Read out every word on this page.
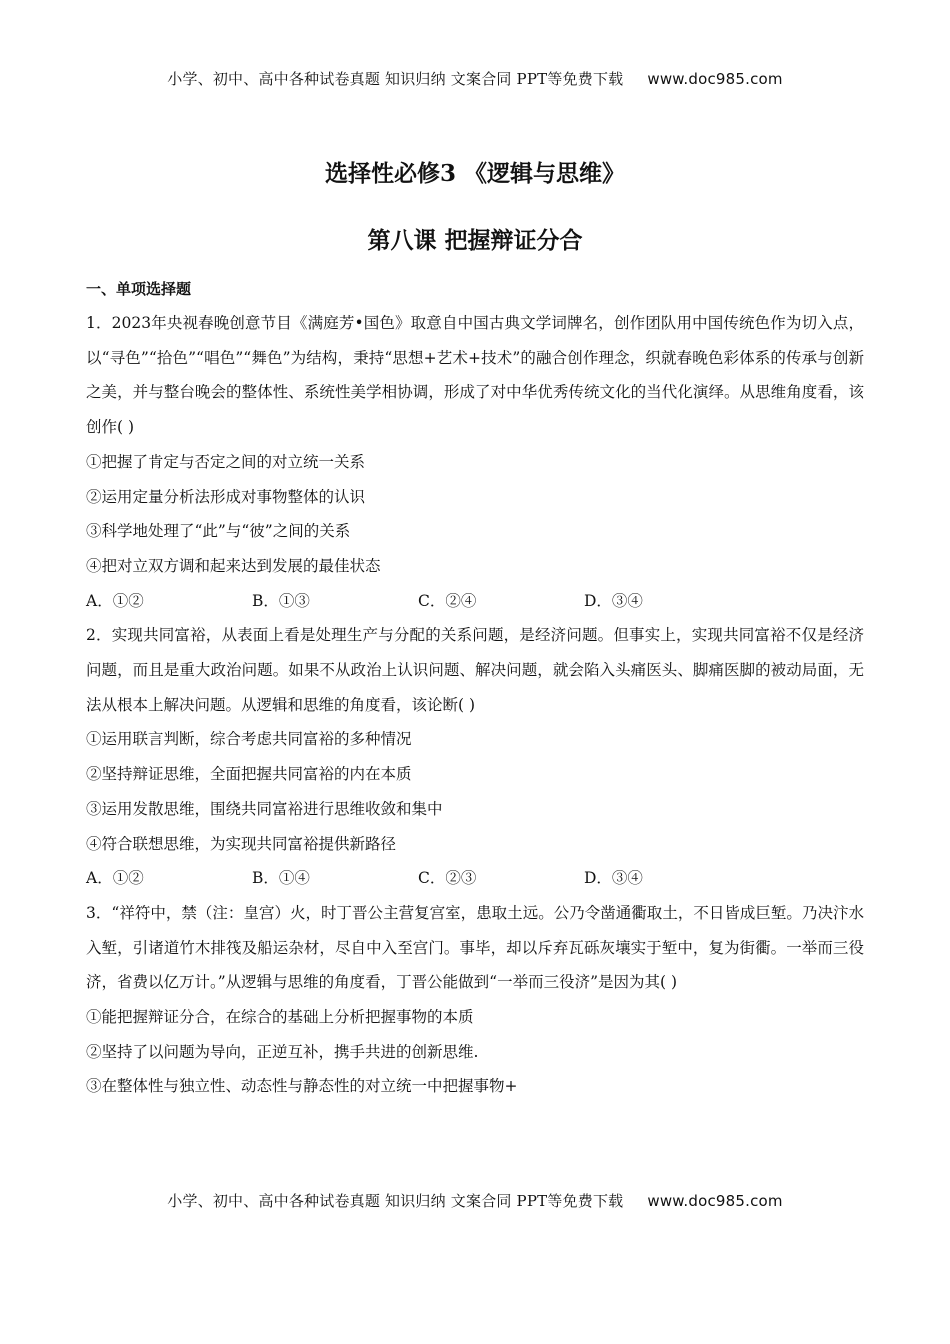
小学、初中、高中各种试卷真题 知识归纳 文案合同 PPT等免费下载 www.doc985.com
选择性必修3 《逻辑与思维》
第八课 把握辩证分合
一、单项选择题

1．2023年央视春晚创意节目《满庭芳•国色》取意自中国古典文学词牌名，创作团队用中国传统色作为切入点，以“寻色”“拾色”“唱色”“舞色”为结构，秉持“思想+艺术+技术”的融合创作理念，织就春晚色彩体系的传承与创新之美，并与整台晚会的整体性、系统性美学相协调，形成了对中华优秀传统文化的当代化演绎。从思维角度看，该创作( )

①把握了肯定与否定之间的对立统一关系

②运用定量分析法形成对事物整体的认识

③科学地处理了“此”与“彼”之间的关系

④把对立双方调和起来达到发展的最佳状态

A．①②	B．①③	C．②④	D．③④

2．实现共同富裕，从表面上看是处理生产与分配的关系问题，是经济问题。但事实上，实现共同富裕不仅是经济问题，而且是重大政治问题。如果不从政治上认识问题、解决问题，就会陷入头痛医头、脚痛医脚的被动局面，无法从根本上解决问题。从逻辑和思维的角度看，该论断( )

①运用联言判断，综合考虑共同富裕的多种情况

②坚持辩证思维，全面把握共同富裕的内在本质

③运用发散思维，围绕共同富裕进行思维收敛和集中

④符合联想思维，为实现共同富裕提供新路径

A．①②	B．①④	C．②③	D．③④

3．“祥符中，禁（注：皇宫）火，时丁晋公主营复宫室，患取土远。公乃令凿通衢取土，不日皆成巨堑。乃决汴水入堑，引诸道竹木排筏及船运杂材，尽自中入至宫门。事毕，却以斥弃瓦砾灰壤实于堑中，复为街衢。一举而三役济，省费以亿万计。”从逻辑与思维的角度看，丁晋公能做到“一举而三役济”是因为其( )

①能把握辩证分合，在综合的基础上分析把握事物的本质

②坚持了以问题为导向，正逆互补，携手共进的创新思维.

③在整体性与独立性、动态性与静态性的对立统一中把握事物+

小学、初中、高中各种试卷真题 知识归纳 文案合同 PPT等免费下载 www.doc985.com
